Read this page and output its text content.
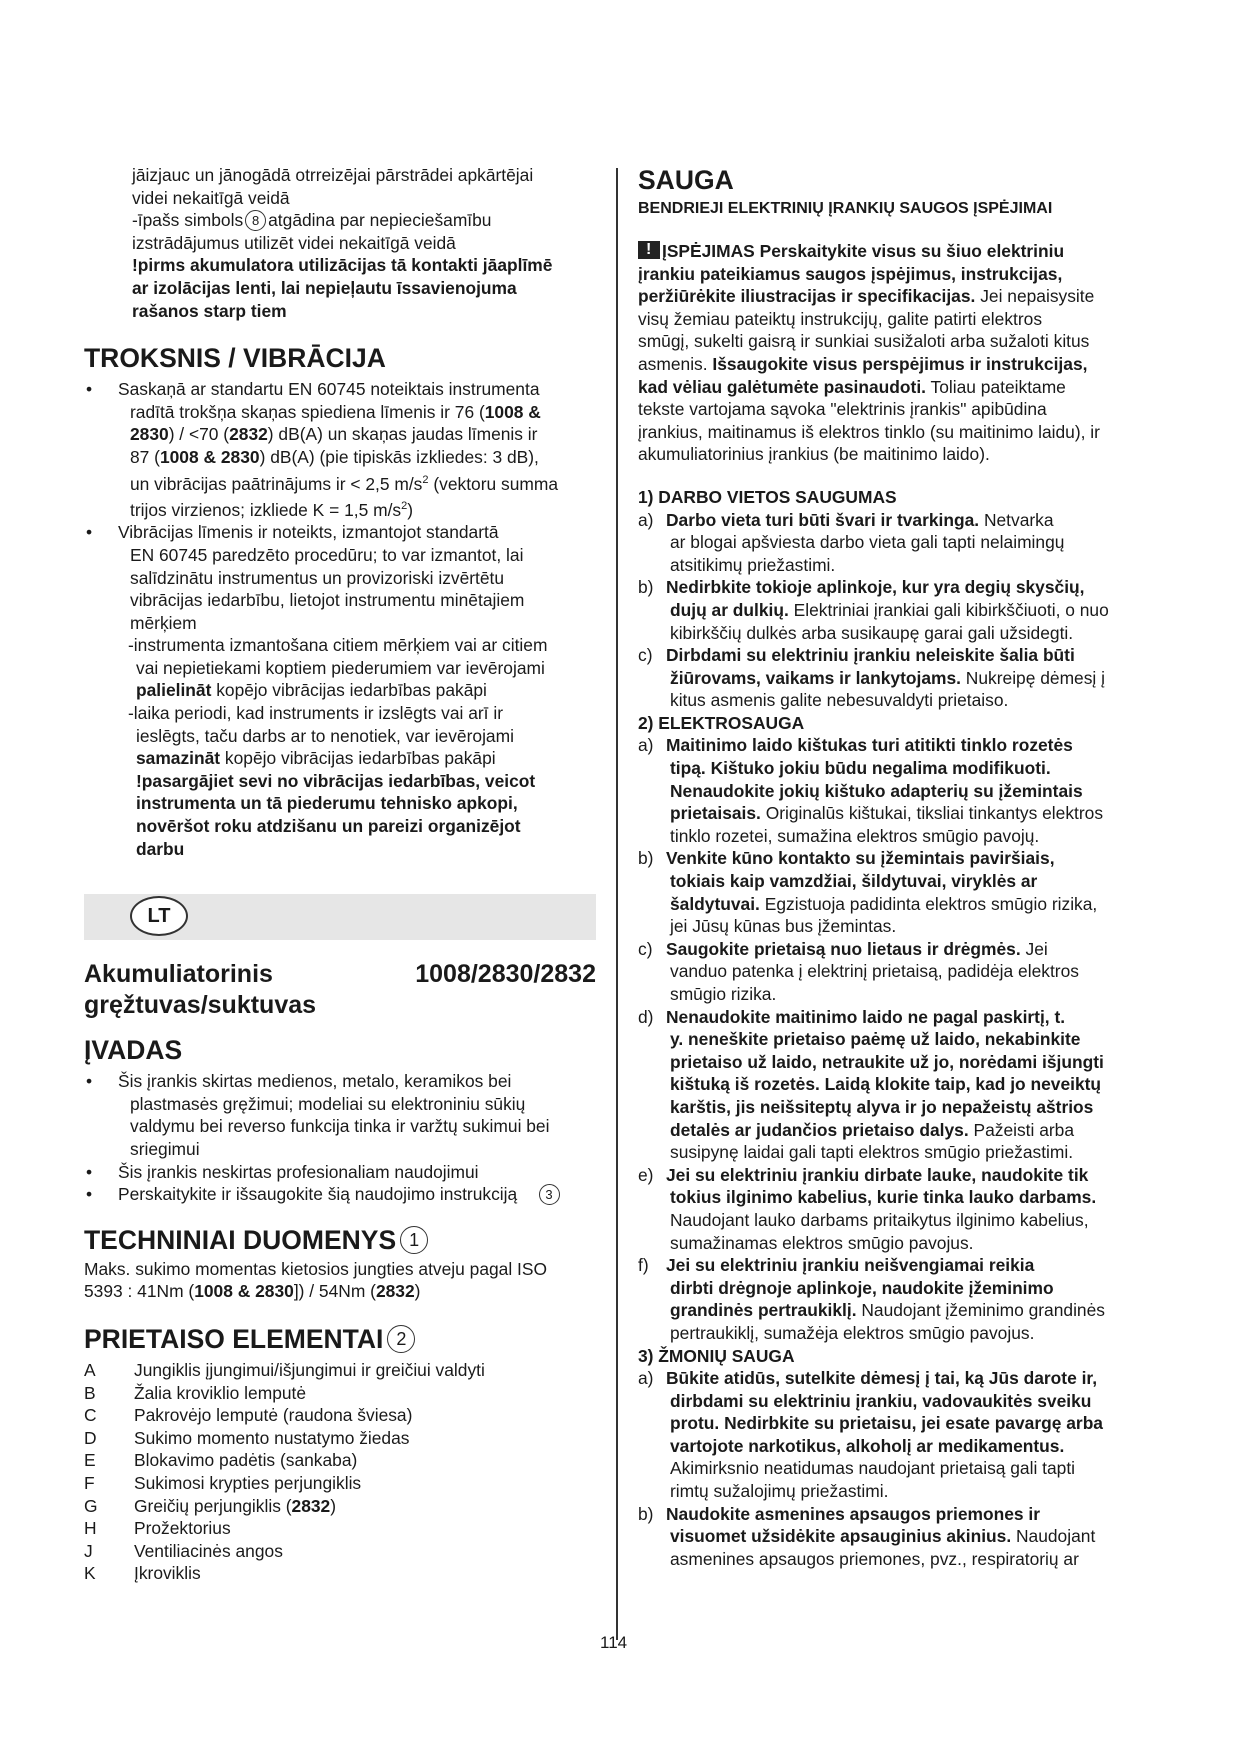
jāizjauc un jānogādā otrreizējai pārstrādei apkārtējai

videi nekaitīgā veidā

-īpašs simbols 8 atgādina par nepieciešamību

izstrādājumus utilizēt videi nekaitīgā veidā

!pirms akumulatora utilizācijas tā kontakti jāaplīmē

ar izolācijas lenti, lai nepieļautu īssavienojuma

rašanos starp tiem

TROKSNIS / VIBRĀCIJA

• Saskaņā ar standartu EN 60745 noteiktais instrumenta

radītā trokšņa skaņas spiediena līmenis ir 76 (1008 &

2830) / <70 (2832) dB(A) un skaņas jaudas līmenis ir

87 (1008 & 2830) dB(A) (pie tipiskās izkliedes: 3 dB),

un vibrācijas paātrinājums ir < 2,5 $m/s^2$ (vektoru summa

trijos virzienos; izkliede K = 1,5 $m/s^2$)

• Vibrācijas līmenis ir noteikts, izmantojot standartā

EN 60745 paredzēto procedūru; to var izmantot, lai

salīdzinātu instrumentus un provizoriski izvērtētu

vibrācijas iedarbību, lietojot instrumentu minētajiem

mērķiem

-instrumenta izmantošana citiem mērķiem vai ar citiem

vai nepietiekami koptiem piederumiem var ievērojami

palielināt kopējo vibrācijas iedarbības pakāpi

-laika periodi, kad instruments ir izslēgts vai arī ir

ieslēgts, taču darbs ar to nenotiek, var ievērojami

samazināt kopējo vibrācijas iedarbības pakāpi

!pasargājiet sevi no vibrācijas iedarbības, veicot

instrumenta un tā piederumu tehnisko apkopi,

novēršot roku atdzišanu un pareizi organizējot

darbu

LT
Akumuliatorinis	1008/2830/2832
gręžtuvas/suktuvas
ĮVADAS

• Šis įrankis skirtas medienos, metalo, keramikos bei

plastmasės gręžimui; modeliai su elektroniniu sūkių

valdymu bei reverso funkcija tinka ir varžtų sukimui bei

sriegimui

• Šis įrankis neskirtas profesionaliam naudojimui

• Perskaitykite ir išsaugokite šią naudojimo instrukciją 3

TECHNINIAI DUOMENYS 1

Maks. sukimo momentas kietosios jungties atveju pagal ISO

5393 : 41Nm (1008 & 2830]) / 54Nm (2832)

PRIETAISO ELEMENTAI 2
A	Jungiklis įjungimui/išjungimui ir greičiui valdyti
B	Žalia kroviklio lemputė
C	Pakrovėjo lemputė (raudona šviesa)
D	Sukimo momento nustatymo žiedas
E	Blokavimo padėtis (sankaba)
F	Sukimosi krypties perjungiklis
G	Greičių perjungiklis (2832)
H	Prožektorius
J	Ventiliacinės angos
K	Įkroviklis
SAUGA

BENDRIEJI ELEKTRINIŲ ĮRANKIŲ SAUGOS ĮSPĖJIMAI

!ĮSPĖJIMAS Perskaitykite visus su šiuo elektriniu

įrankiu pateikiamus saugos įspėjimus, instrukcijas,

peržiūrėkite iliustracijas ir specifikacijas. Jei nepaisysite

visų žemiau pateiktų instrukcijų, galite patirti elektros

smūgį, sukelti gaisrą ir sunkiai susižaloti arba sužaloti kitus

asmenis. Išsaugokite visus perspėjimus ir instrukcijas,

kad vėliau galėtumėte pasinaudoti. Toliau pateiktame

tekste vartojama sąvoka "elektrinis įrankis" apibūdina

įrankius, maitinamus iš elektros tinklo (su maitinimo laidu), ir

akumuliatorinius įrankius (be maitinimo laido).

1) DARBO VIETOS SAUGUMAS

a) Darbo vieta turi būti švari ir tvarkinga. Netvarka

ar blogai apšviesta darbo vieta gali tapti nelaimingų

atsitikimų priežastimi.

b) Nedirbkite tokioje aplinkoje, kur yra degių skysčių,

dujų ar dulkių. Elektriniai įrankiai gali kibirkščiuoti, o nuo

kibirkščių dulkės arba susikaupę garai gali užsidegti.

c) Dirbdami su elektriniu įrankiu neleiskite šalia būti

žiūrovams, vaikams ir lankytojams. Nukreipę dėmesį į

kitus asmenis galite nebesuvaldyti prietaiso.

2) ELEKTROSAUGA

a) Maitinimo laido kištukas turi atitikti tinklo rozetės

tipą. Kištuko jokiu būdu negalima modifikuoti.

Nenaudokite jokių kištuko adapterių su įžemintais

prietaisais. Originalūs kištukai, tiksliai tinkantys elektros

tinklo rozetei, sumažina elektros smūgio pavojų.

b) Venkite kūno kontakto su įžemintais paviršiais,

tokiais kaip vamzdžiai, šildytuvai, viryklės ar

šaldytuvai. Egzistuoja padidinta elektros smūgio rizika,

jei Jūsų kūnas bus įžemintas.

c) Saugokite prietaisą nuo lietaus ir drėgmės. Jei

vanduo patenka į elektrinį prietaisą, padidėja elektros

smūgio rizika.

d) Nenaudokite maitinimo laido ne pagal paskirtį, t.

y. neneškite prietaiso paėmę už laido, nekabinkite

prietaiso už laido, netraukite už jo, norėdami išjungti

kištuką iš rozetės. Laidą klokite taip, kad jo neveiktų

karštis, jis neišsiteptų alyva ir jo nepažeistų aštrios

detalės ar judančios prietaiso dalys. Pažeisti arba

susipynę laidai gali tapti elektros smūgio priežastimi.

e) Jei su elektriniu įrankiu dirbate lauke, naudokite tik

tokius ilginimo kabelius, kurie tinka lauko darbams.

Naudojant lauko darbams pritaikytus ilginimo kabelius,

sumažinamas elektros smūgio pavojus.

f) Jei su elektriniu įrankiu neišvengiamai reikia

dirbti drėgnoje aplinkoje, naudokite įžeminimo

grandinės pertraukiklį. Naudojant įžeminimo grandinės

pertraukiklį, sumažėja elektros smūgio pavojus.

3) ŽMONIŲ SAUGA

a) Būkite atidūs, sutelkite dėmesį į tai, ką Jūs darote ir,

dirbdami su elektriniu įrankiu, vadovaukitės sveiku

protu. Nedirbkite su prietaisu, jei esate pavargę arba

vartojote narkotikus, alkoholį ar medikamentus.

Akimirksnio neatidumas naudojant prietaisą gali tapti

rimtų sužalojimų priežastimi.

b) Naudokite asmenines apsaugos priemones ir

visuomet užsidėkite apsauginius akinius. Naudojant

asmenines apsaugos priemones, pvz., respiratorių ar

114
